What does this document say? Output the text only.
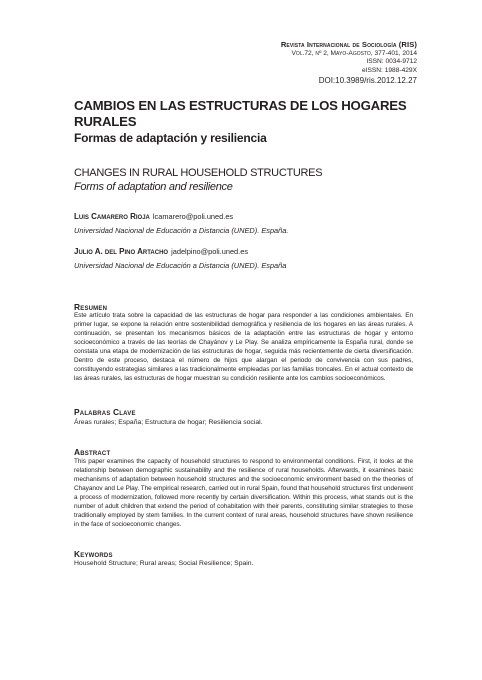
Revista Internacional de Sociología (RIS)
Vol.72, nº 2, Mayo-Agosto, 377-401, 2014
ISSN: 0034-9712
eISSN: 1988-429X
DOI:10.3989/ris.2012.12.27
CAMBIOS EN LAS ESTRUCTURAS DE LOS HOGARES RURALES
Formas de adaptación y resiliencia
CHANGES IN RURAL HOUSEHOLD STRUCTURES
Forms of adaptation and resilience
Luis Camarero Rioja lcamarero@poli.uned.es
Universidad Nacional de Educación a Distancia (UNED). España.
Julio A. del Pino Artacho jadelpino@poli.uned.es
Universidad Nacional de Educación a Distancia (UNED). España
Resumen
Este artículo trata sobre la capacidad de las estructuras de hogar para responder a las condiciones ambientales. En primer lugar, se expone la relación entre sostenibilidad demográfica y resiliencia de los hogares en las áreas rurales. A continuación, se presentan los mecanismos básicos de la adaptación entre las estructuras de hogar y entorno socioeconómico a través de las teorías de Chayánov y Le Play. Se analiza empíricamente la España rural, donde se constata una etapa de modernización de las estructuras de hogar, seguida más recientemente de cierta diversificación. Dentro de este proceso, destaca el número de hijos que alargan el periodo de convivencia con sus padres, constituyendo estrategias similares a las tradicionalmente empleadas por las familias troncales. En el actual contexto de las áreas rurales, las estructuras de hogar muestran su condición resiliente ante los cambios socioeconómicos.
Palabras Clave
Áreas rurales; España; Estructura de hogar; Resiliencia social.
Abstract
This paper examines the capacity of household structures to respond to environmental conditions. First, it looks at the relationship between demographic sustainability and the resilience of rural households. Afterwards, it examines basic mechanisms of adaptation between household structures and the socioeconomic environment based on the theories of Chayanov and Le Play. The empirical research, carried out in rural Spain, found that household structures first underwent a process of modernization, followed more recently by certain diversification. Within this process, what stands out is the number of adult children that extend the period of cohabitation with their parents, constituting similar strategies to those traditionally employed by stem families. In the current context of rural areas, household structures have shown resilience in the face of socioeconomic changes.
Keywords
Household Structure; Rural areas; Social Resilience; Spain.
